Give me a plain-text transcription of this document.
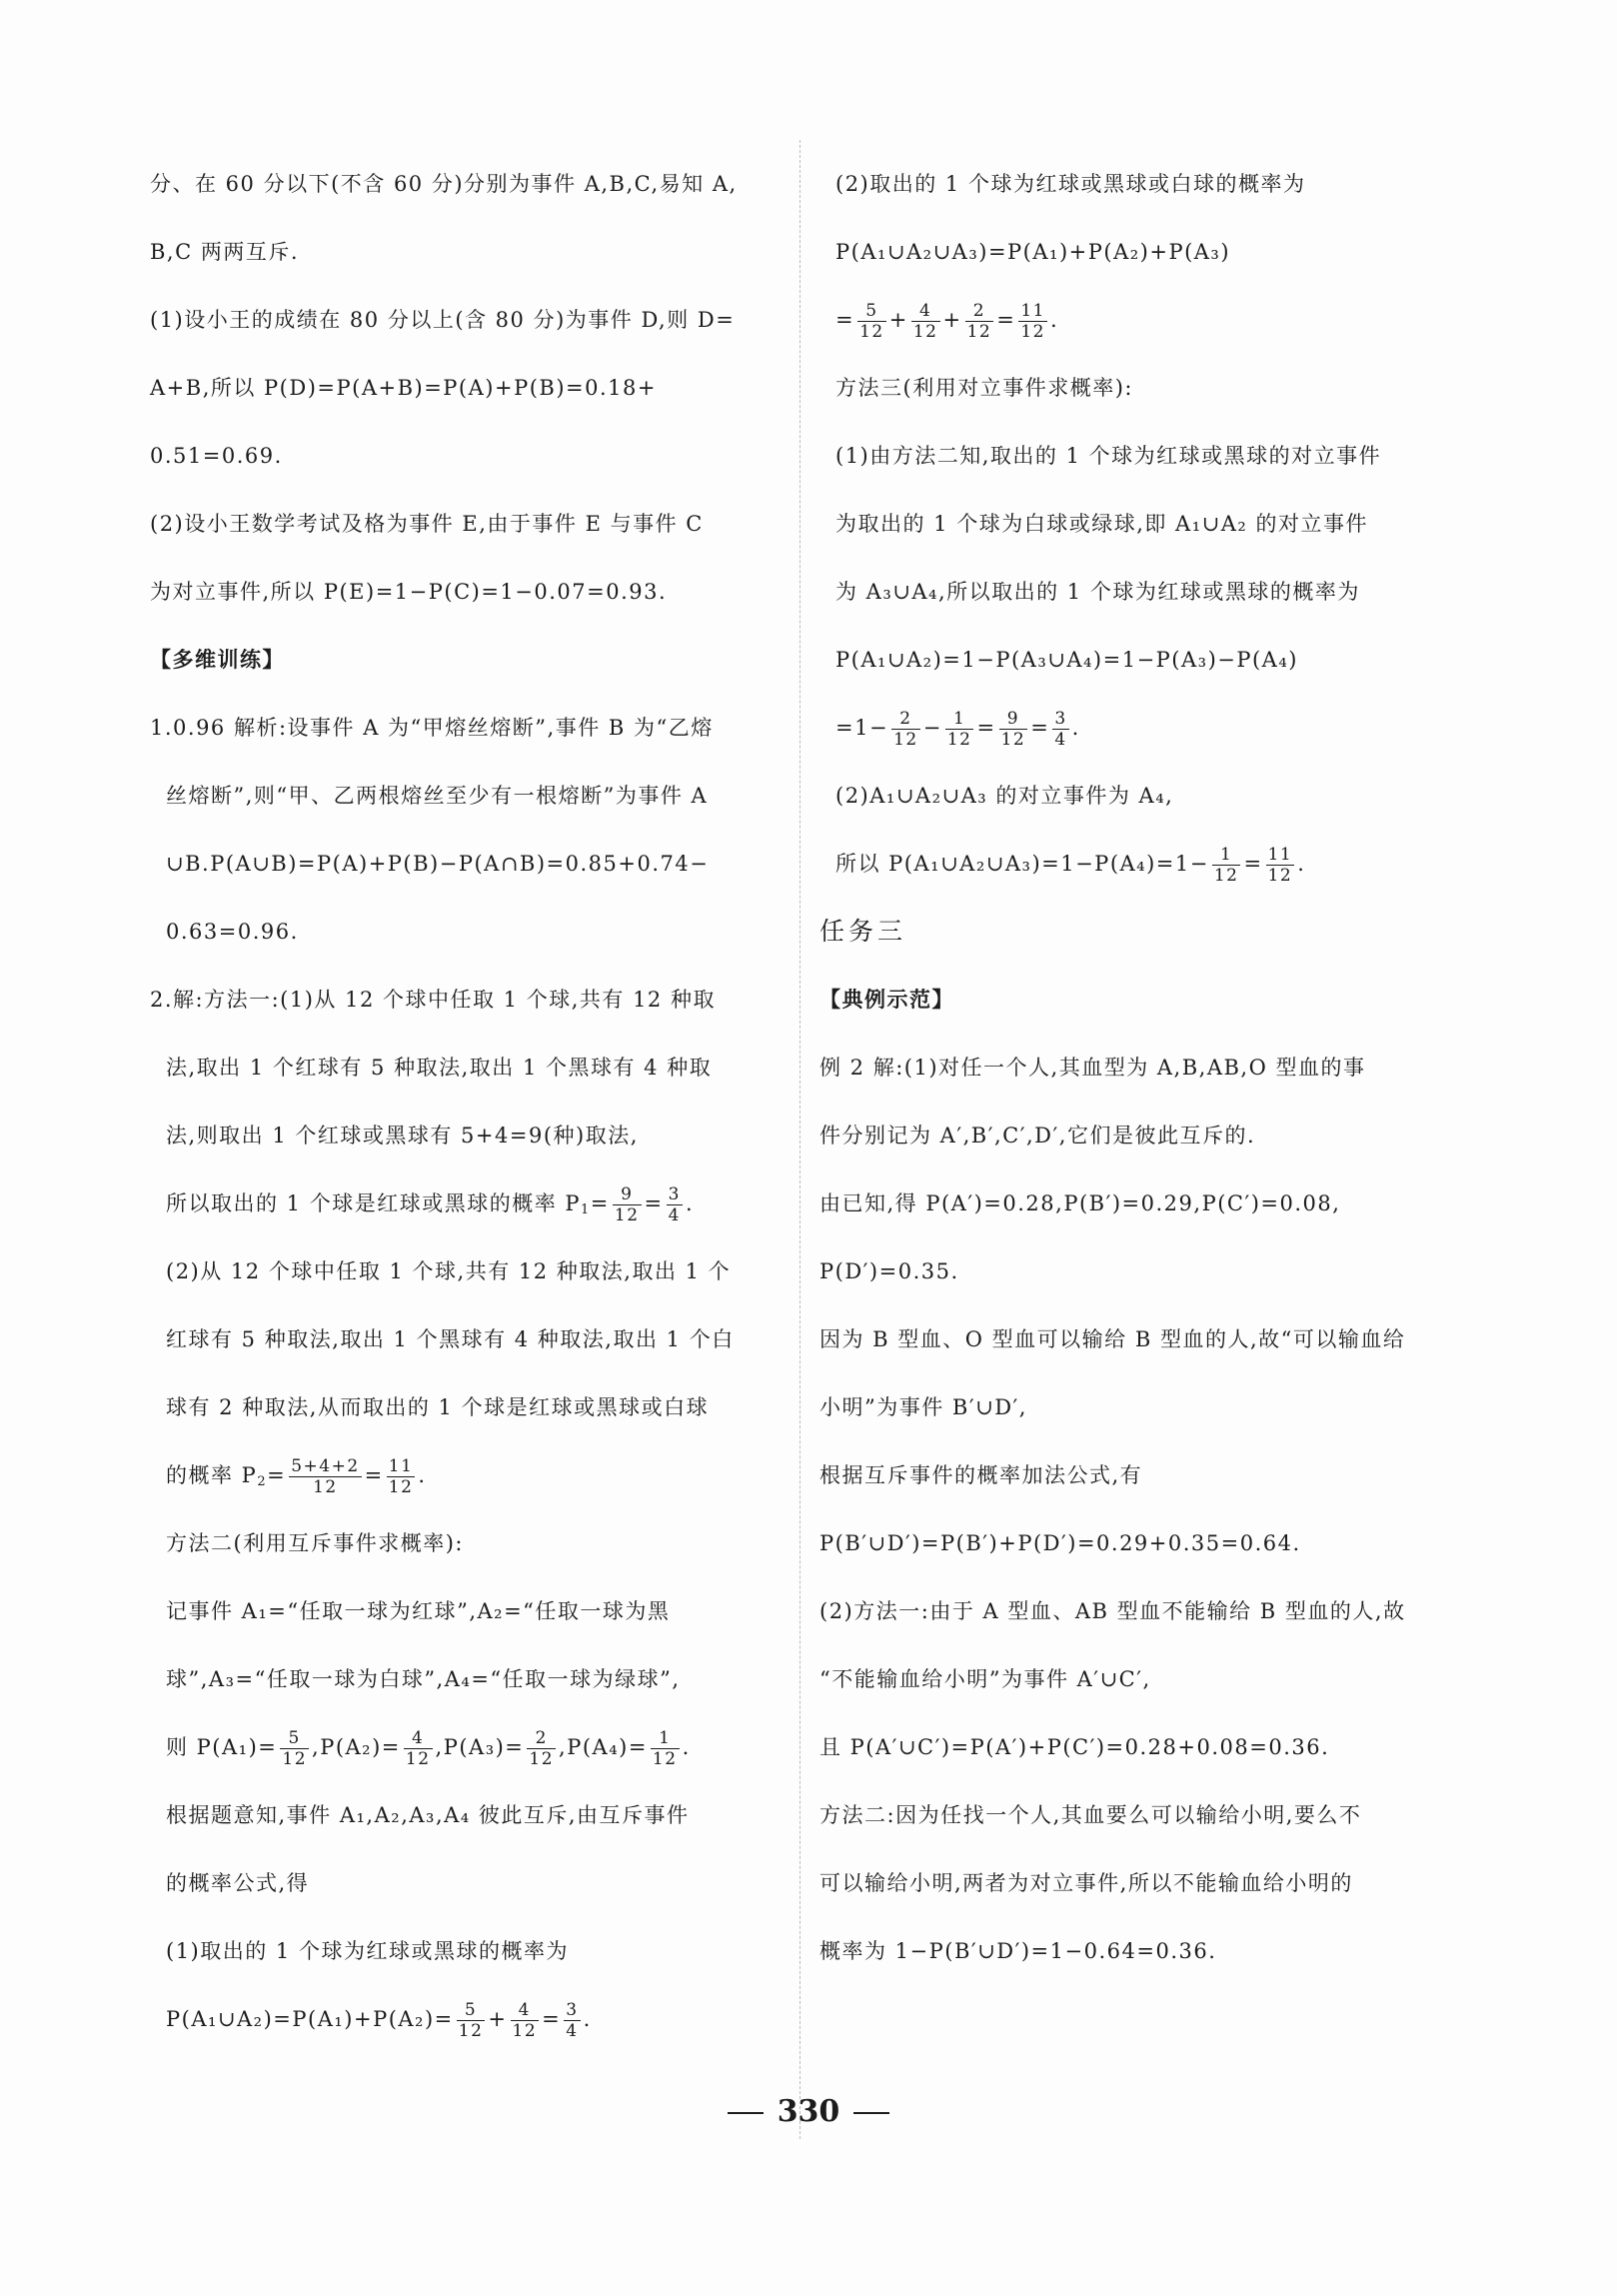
分、在 60 分以下(不含 60 分)分别为事件 A,B,C,易知 A,
B,C 两两互斥.
(1)设小王的成绩在 80 分以上(含 80 分)为事件 D,则 D=
A+B,所以 P(D)=P(A+B)=P(A)+P(B)=0.18+
0.51=0.69.
(2)设小王数学考试及格为事件 E,由于事件 E 与事件 C
为对立事件,所以 P(E)=1−P(C)=1−0.07=0.93.
【多维训练】
1.0.96 解析:设事件 A 为“甲熔丝熔断”,事件 B 为“乙熔
丝熔断”,则“甲、乙两根熔丝至少有一根熔断”为事件 A
∪B.P(A∪B)=P(A)+P(B)−P(A∩B)=0.85+0.74−
0.63=0.96.
2.解:方法一:(1)从 12 个球中任取 1 个球,共有 12 种取
法,取出 1 个红球有 5 种取法,取出 1 个黑球有 4 种取
法,则取出 1 个红球或黑球有 5+4=9(种)取法,
所以取出的 1 个球是红球或黑球的概率 $P_1= \frac{9}{12} = \frac{3}{4}$ .
(2)从 12 个球中任取 1 个球,共有 12 种取法,取出 1 个
红球有 5 种取法,取出 1 个黑球有 4 种取法,取出 1 个白
球有 2 种取法,从而取出的 1 个球是红球或黑球或白球
的概率 $P_2= \frac{5+4+2}{12} = \frac{11}{12}$ .
方法二(利用互斥事件求概率):
记事件 A₁=“任取一球为红球”,A₂=“任取一球为黑
球”,A₃=“任取一球为白球”,A₄=“任取一球为绿球”,
则 $P(A_1)= \frac{5}{12} ,P(A_2)= \frac{4}{12} ,P(A_3)= \frac{2}{12} ,P(A_4)= \frac{1}{12}$ .
根据题意知,事件 A₁,A₂,A₃,A₄ 彼此互斥,由互斥事件
的概率公式,得
(1)取出的 1 个球为红球或黑球的概率为
P(A₁∪A₂)=P(A₁)+P(A₂)= $\frac{5}{12} + \frac{4}{12} = \frac{3}{4}$ .
(2)取出的 1 个球为红球或黑球或白球的概率为
P(A₁∪A₂∪A₃)=P(A₁)+P(A₂)+P(A₃)
= $\frac{5}{12} + \frac{4}{12} + \frac{2}{12} = \frac{11}{12}$ .
方法三(利用对立事件求概率):
(1)由方法二知,取出的 1 个球为红球或黑球的对立事件
为取出的 1 个球为白球或绿球,即 A₁∪A₂ 的对立事件
为 A₃∪A₄,所以取出的 1 个球为红球或黑球的概率为
P(A₁∪A₂)=1−P(A₃∪A₄)=1−P(A₃)−P(A₄)
$=1- \frac{2}{12} - \frac{1}{12} = \frac{9}{12} = \frac{3}{4}$ .
(2)A₁∪A₂∪A₃ 的对立事件为 A₄,
所以 P(A₁∪A₂∪A₃)=1−P(A₄)=1− $\frac{1}{12} = \frac{11}{12}$ .
任务三
【典例示范】
例 2 解:(1)对任一个人,其血型为 A,B,AB,O 型血的事
件分别记为 A′,B′,C′,D′,它们是彼此互斥的.
由已知,得 P(A′)=0.28,P(B′)=0.29,P(C′)=0.08,
P(D′)=0.35.
因为 B 型血、O 型血可以输给 B 型血的人,故“可以输血给
小明”为事件 B′∪D′,
根据互斥事件的概率加法公式,有
P(B′∪D′)=P(B′)+P(D′)=0.29+0.35=0.64.
(2)方法一:由于 A 型血、AB 型血不能输给 B 型血的人,故
“不能输血给小明”为事件 A′∪C′,
且 P(A′∪C′)=P(A′)+P(C′)=0.28+0.08=0.36.
方法二:因为任找一个人,其血要么可以输给小明,要么不
可以输给小明,两者为对立事件,所以不能输血给小明的
概率为 1−P(B′∪D′)=1−0.64=0.36.
330
